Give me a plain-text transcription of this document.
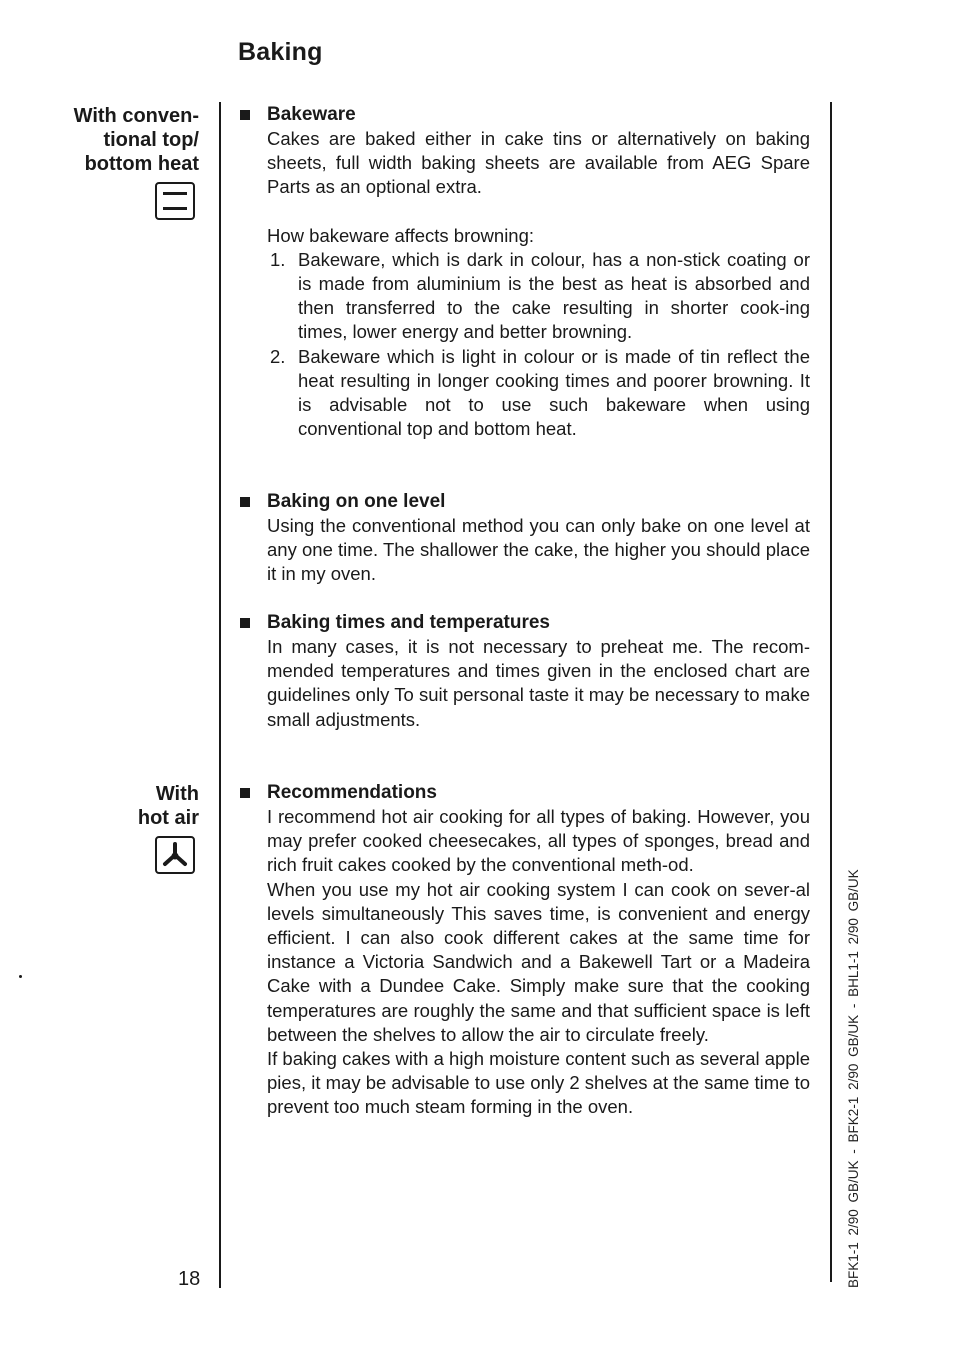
Baking
With conven-
tional top/
bottom heat
With
hot air
Bakeware

Cakes are baked either in cake tins or alternatively on baking sheets, full width baking sheets are available from AEG Spare Parts as an optional extra.

How bakeware affects browning:

1. Bakeware, which is dark in colour, has a non-stick coating or is made from aluminium is the best as heat is absorbed and then transferred to the cake resulting in shorter cook-ing times, lower energy and better browning.
2. Bakeware which is light in colour or is made of tin reflect the heat resulting in longer cooking times and poorer browning. It is advisable not to use such bakeware when using conventional top and bottom heat.
Baking on one level

Using the conventional method you can only bake on one level at any one time. The shallower the cake, the higher you should place it in my oven.

Baking times and temperatures

In many cases, it is not necessary to preheat me. The recom-mended temperatures and times given in the enclosed chart are guidelines only To suit personal taste it may be necessary to make small adjustments.

Recommendations

I recommend hot air cooking for all types of baking. However, you may prefer cooked cheesecakes, all types of sponges, bread and rich fruit cakes cooked by the conventional meth-od.

When you use my hot air cooking system I can cook on sever-al levels simultaneously This saves time, is convenient and energy efficient. I can also cook different cakes at the same time for instance a Victoria Sandwich and a Bakewell Tart or a Madeira Cake with a Dundee Cake. Simply make sure that the cooking temperatures are roughly the same and that sufficient space is left between the shelves to allow the air to circulate freely.

If baking cakes with a high moisture content such as several apple pies, it may be advisable to use only 2 shelves at the same time to prevent too much steam forming in the oven.

18	BFK1-1 2/90 GB/UK - BFK2-1 2/90 GB/UK - BHL1-1 2/90 GB/UK
